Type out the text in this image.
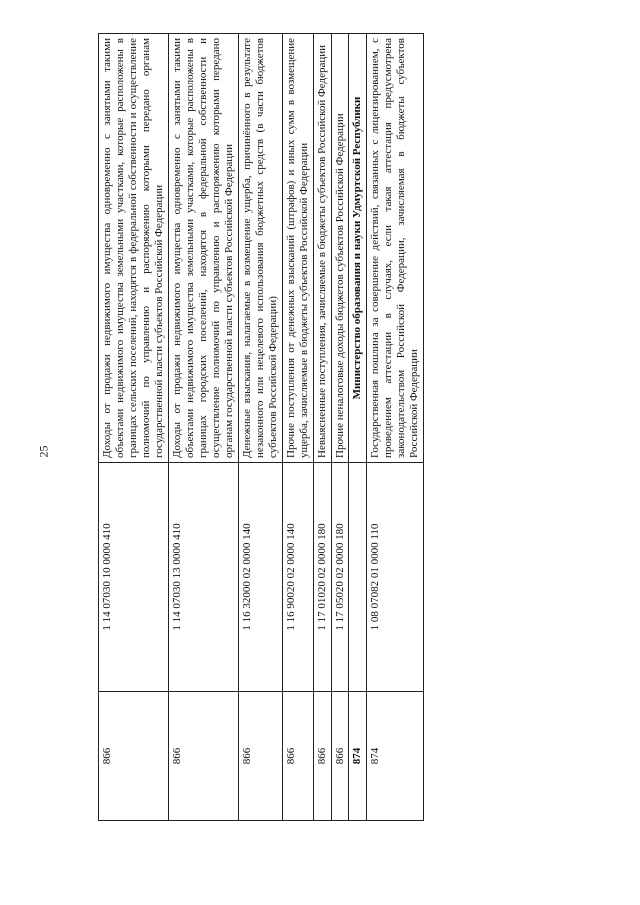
25
866	1 14 07030 10 0000 410	Доходы от продажи недвижимого имущества одновременно с занятыми такими объектами недвижимого имущества земельными участками, которые расположены в границах сельских поселений, находятся в федеральной собственности и осуществление полномочий по управлению и распоряжению которыми передано органам государственной власти субъектов Российской Федерации
866	1 14 07030 13 0000 410	Доходы от продажи недвижимого имущества одновременно с занятыми такими объектами недвижимого имущества земельными участками, которые расположены в границах городских поселений, находятся в федеральной собственности и осуществление полномочий по управлению и распоряжению которыми передано органам государственной власти субъектов Российской Федерации
866	1 16 32000 02 0000 140	Денежные взыскания, налагаемые в возмещение ущерба, причинённого в результате незаконного или нецелевого использования бюджетных средств (в части бюджетов субъектов Российской Федерации)
866	1 16 90020 02 0000 140	Прочие поступления от денежных взысканий (штрафов) и иных сумм в возмещение ущерба, зачисляемые в бюджеты субъектов Российской Федерации
866	1 17 01020 02 0000 180	Невыясненные поступления, зачисляемые в бюджеты субъектов Российской Федерации
866	1 17 05020 02 0000 180	Прочие неналоговые доходы бюджетов субъектов Российской Федерации
874		Министерство образования и науки Удмуртской Республики
874	1 08 07082 01 0000 110	Государственная пошлина за совершение действий, связанных с лицензированием, с проведением аттестации в случаях, если такая аттестация предусмотрена законодательством Российской Федерации, зачисляемая в бюджеты субъектов Российской Федерации
